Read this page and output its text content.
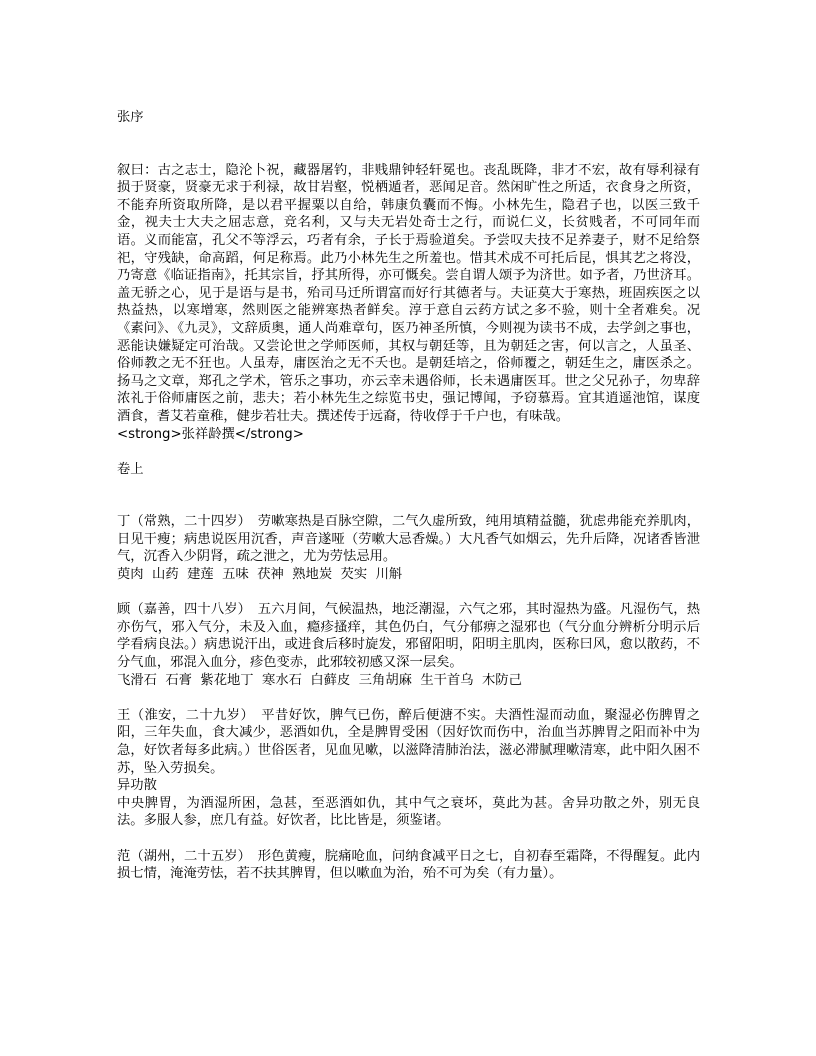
张序

叙曰：古之志士，隐沦卜祝，藏器屠钓，非贱鼎钟轻轩冕也。丧乱既降，非才不宏，故有辱利禄有损于贤豪，贤豪无求于利禄，故甘岩壑，悦栖遁者，恶闻足音。然闲旷性之所适，衣食身之所资，不能弃所资取所降，是以君平握粟以自给，韩康负囊而不悔。小林先生，隐君子也，以医三致千金，视夫士大夫之屈志意，竞名利，又与夫无岩处奇士之行，而说仁义，长贫贱者，不可同年而语。义而能富，孔父不等浮云，巧者有余，子长于焉验道矣。予尝叹夫技不足养妻子，财不足给祭祀，守残缺，命高蹈，何足称焉。此乃小林先生之所羞也。惜其术成不可托后昆，惧其艺之将没，乃寄意《临证指南》，托其宗旨，抒其所得，亦可慨矣。尝自谓人颂予为济世。如予者，乃世济耳。盖无骄之心，见于是语与是书，殆司马迁所谓富而好行其德者与。夫证莫大于寒热，班固疾医之以热益热，以寒增寒，然则医之能辨寒热者鲜矣。淳于意自云药方试之多不验，则十全者难矣。况《素问》、《九灵》，文辞质奥，通人尚难章句，医乃神圣所慎，今则视为读书不成，去学剑之事也，恶能诀嫌疑定可治哉。又尝论世之学师医师，其权与朝廷等，且为朝廷之害，何以言之，人虽圣、俗师教之无不狂也。人虽寿，庸医治之无不夭也。是朝廷培之，俗师覆之，朝廷生之，庸医杀之。扬马之文章，郑孔之学术，管乐之事功，亦云幸未遇俗师，长未遇庸医耳。世之父兄孙子，勿卑辞浓礼于俗师庸医之前，悲夫；若小林先生之综览书史，强记博闻，予窃慕焉。宜其逍遥池馆，谋度酒食，耆艾若童稚，健步若壮夫。撰述传于远裔，待收俘于千户也，有味哉。

<strong>张祥龄撰</strong>
卷上

丁（常熟，二十四岁）　劳嗽寒热是百脉空隙，二气久虚所致，纯用填精益髓，犹虑弗能充养肌肉，日见干瘦；病患说医用沉香，声音遂哑（劳嗽大忌香燥。）大凡香气如烟云，先升后降，况诸香皆泄气，沉香入少阴肾，疏之泄之，尤为劳怯忌用。

萸肉  山药  建莲  五味  茯神  熟地炭  芡实  川斛

顾（嘉善，四十八岁）　五六月间，气候温热，地泛潮湿，六气之邪，其时湿热为盛。凡湿伤气，热亦伤气，邪入气分，未及入血，瘾疹搔痒，其色仍白，气分郁痹之湿邪也（气分血分辨析分明示后学看病良法。）病患说汗出，或进食后移时旋发，邪留阳明，阳明主肌肉，医称曰风，愈以散药，不分气血，邪混入血分，疹色变赤，此邪较初感又深一层矣。

飞滑石  石膏  紫花地丁  寒水石  白藓皮  三角胡麻  生干首乌  木防己

王（淮安，二十九岁）　平昔好饮，脾气已伤，醉后便溏不实。夫酒性湿而动血，聚湿必伤脾胃之阳，三年失血，食大减少，恶酒如仇，全是脾胃受困（因好饮而伤中，治血当苏脾胃之阳而补中为急，好饮者每多此病。）世俗医者，见血见嗽，以滋降清肺治法，滋必滞腻理嗽清寒，此中阳久困不苏，坠入劳损矣。

异功散

中央脾胃，为酒湿所困，急甚，至恶酒如仇，其中气之衰坏，莫此为甚。舍异功散之外，别无良法。多服人参，庶几有益。好饮者，比比皆是，须鉴诸。

范（湖州，二十五岁）　形色黄瘦，脘痛呛血，问纳食减平日之七，自初春至霜降，不得醒复。此内损七情，淹淹劳怯，若不扶其脾胃，但以嗽血为治，殆不可为矣（有力量）。
